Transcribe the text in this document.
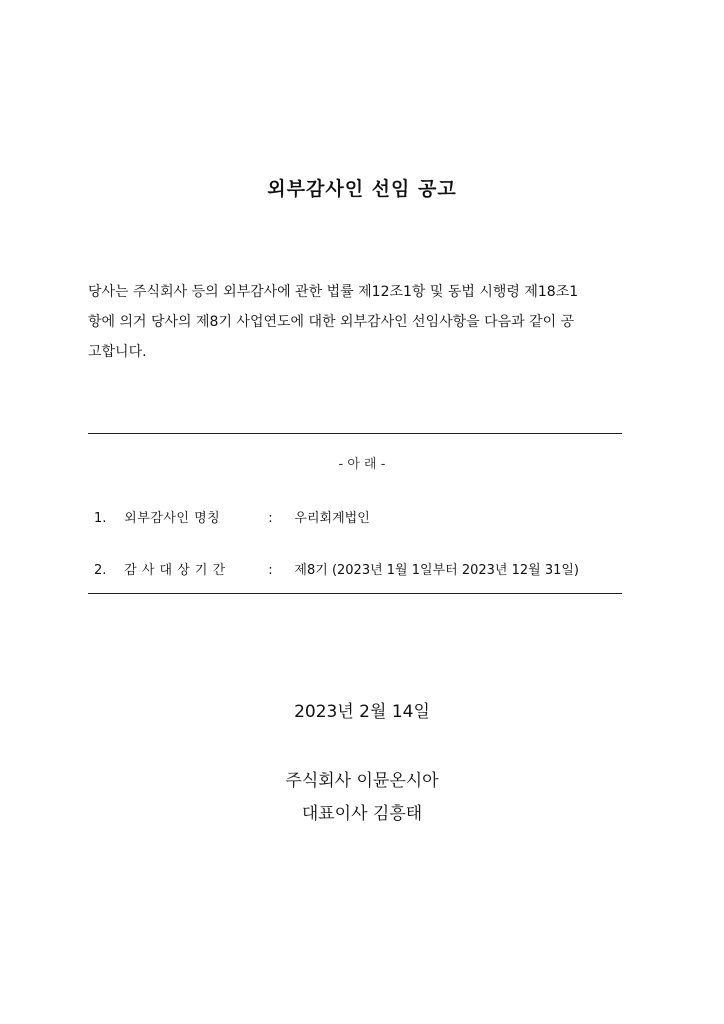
외부감사인 선임 공고

당사는 주식회사 등의 외부감사에 관한 법률 제12조1항 및 동법 시행령 제18조1
항에 의거 당사의 제8기 사업연도에 대한 외부감사인 선임사항을 다음과 같이 공
고합니다.

- 아 래 -
1. 외부감사인 명칭	: 우리회계법인
2. 감 사 대 상 기 간	: 제8기 (2023년 1월 1일부터 2023년 12월 31일)
2023년 2월 14일
주식회사 이뮨온시아
대표이사 김흥태
